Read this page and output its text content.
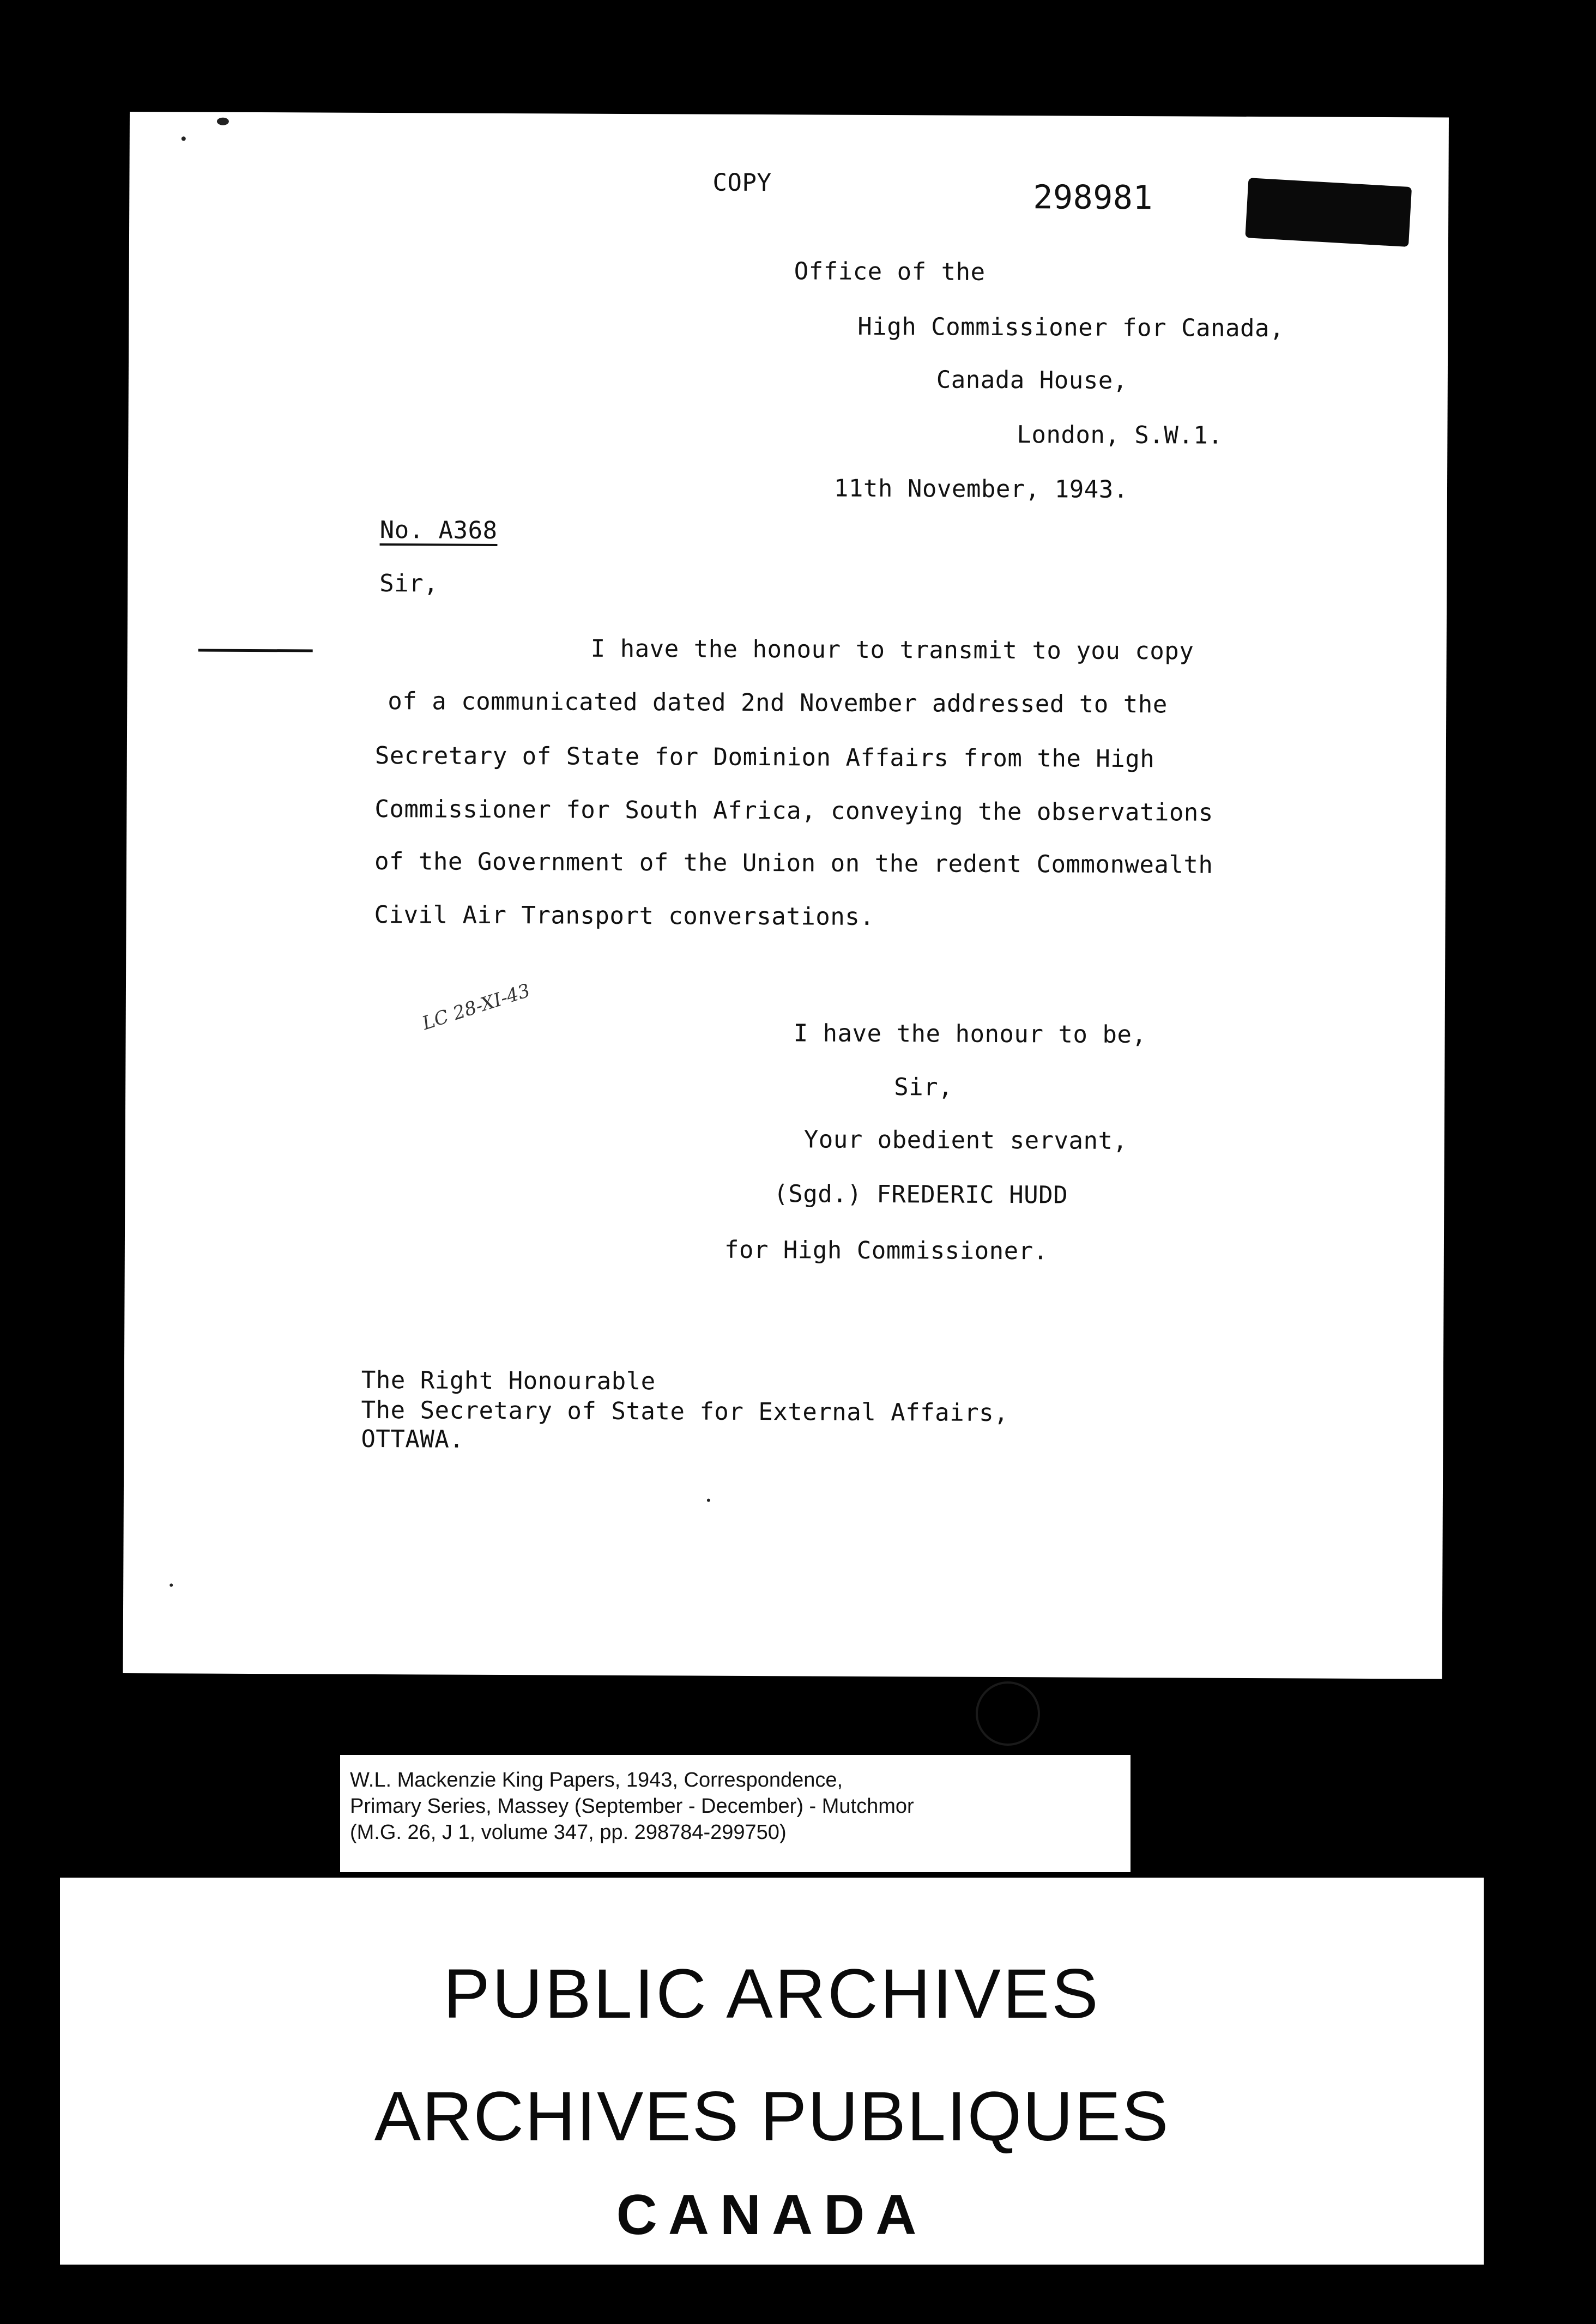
COPY	298981
Office of the
High Commissioner for Canada,
Canada House,
London, S.W.1.
11th November, 1943.
No. A368
Sir,
I have the honour to transmit to you copy
of a communicated dated 2nd November addressed to the
Secretary of State for Dominion Affairs from the High
Commissioner for South Africa, conveying the observations
of the Government of the Union on the redent Commonwealth
Civil Air Transport conversations.
LC 28-XI-43	I have the honour to be,
Sir,
Your obedient servant,
(Sgd.) FREDERIC HUDD
for High Commissioner.
The Right Honourable
The Secretary of State for External Affairs,
OTTAWA.
W.L. Mackenzie King Papers, 1943, Correspondence,
Primary Series, Massey (September - December) - Mutchmor
(M.G. 26, J 1, volume 347, pp. 298784-299750)
PUBLIC ARCHIVES
ARCHIVES PUBLIQUES
CANADA
